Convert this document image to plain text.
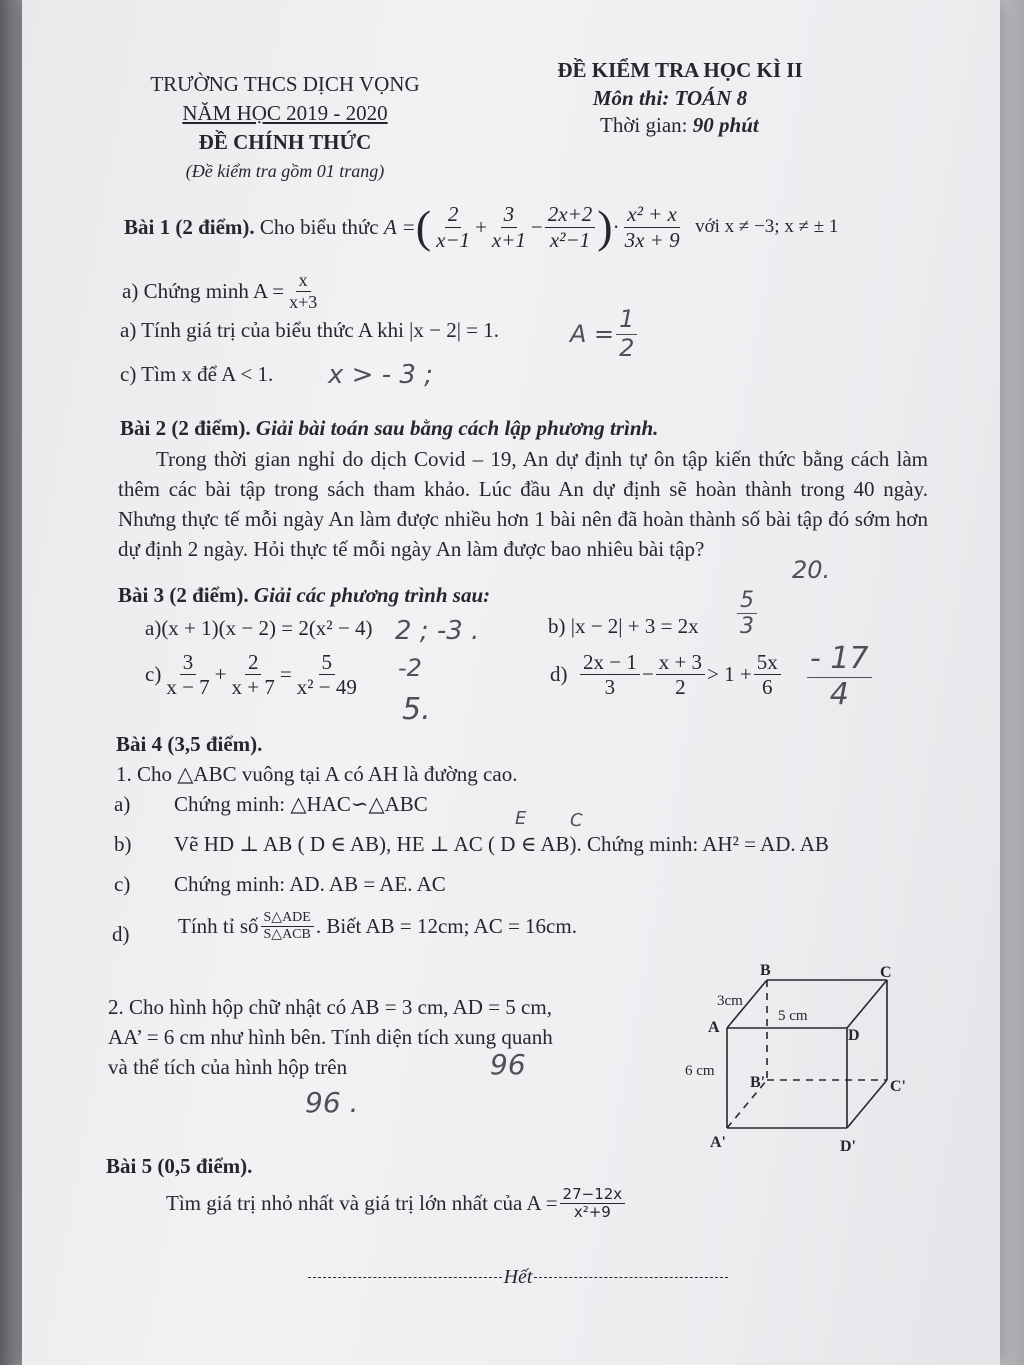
TRƯỜNG THCS DỊCH VỌNG
NĂM HỌC 2019 - 2020
ĐỀ CHÍNH THỨC
(Đề kiểm tra gồm 01 trang)
ĐỀ KIỂM TRA HỌC KÌ II
Môn thi: TOÁN 8
Thời gian: 90 phút
Bài 1 (2 điểm).
Cho biểu thức
A = ( $\frac{2}{x-1} + \frac{3}{x+1} - \frac{2x+2}{\text{x²−1}}$ ) · $\frac{\text{x² + x}}{3x + 9}$
với x ≠ −3; x ≠ ± 1
a) Chứng minh $A = \frac{x}{x+3}$
a) Tính giá trị của biểu thức A khi |x − 2| = 1.
c) Tìm x để A < 1.
$A = \frac{1}{2}$
x > - 3 ;
Bài 2 (2 điểm). Giải bài toán sau bằng cách lập phương trình.
Trong thời gian nghỉ do dịch Covid – 19, An dự định tự ôn tập kiến thức bằng cách làm thêm các bài tập trong sách tham khảo. Lúc đầu An dự định sẽ hoàn thành trong 40 ngày. Nhưng thực tế mỗi ngày An làm được nhiều hơn 1 bài nên đã hoàn thành số bài tập đó sớm hơn dự định 2 ngày. Hỏi thực tế mỗi ngày An làm được bao nhiêu bài tập?
20.
Bài 3 (2 điểm). Giải các phương trình sau:
a)(x + 1)(x − 2) = 2(x² − 4) 2 ; -3 .	b) $|x - 2| + 3 = 2x \frac{5}{3}$
$c) \frac{3}{x - 7} + \frac{2}{x + 7} = \frac{5}{\text{x² − 49}} -2$
5.
d)
$\frac{2x - 1}{3} - \frac{x + 3}{2} > 1 + \frac{5x}{6} \frac{- 17}{4}$
Bài 4 (3,5 điểm).
1. Cho △ABC vuông tại A có AH là đường cao.
a) Chứng minh: △HAC∽△ABC
b) Vẽ HD ⊥ AB ( D ∈ AB), HE ⊥ AC ( D ∈ AB). Chứng minh: AH² = AD. AB
E C
c) Chứng minh: AD. AB = AE. AC
d) Tính tỉ số $\frac{\text{S△ADE}}{\text{S△ACB}}$ . Biết AB = 12cm; AC = 16cm.
2. Cho hình hộp chữ nhật có AB = 3 cm, AD = 5 cm,
AA’ = 6 cm như hình bên. Tính diện tích xung quanh
và thể tích của hình hộp trên	96
96 .
B	C
A	D
B'	C'
A'	D'
3cm
5 cm
6 cm
Bài 5 (0,5 điểm).
Tìm giá trị nhỏ nhất và giá trị lớn nhất của $A = \frac{27-12x}{\text{x²+9}}$
Hết
